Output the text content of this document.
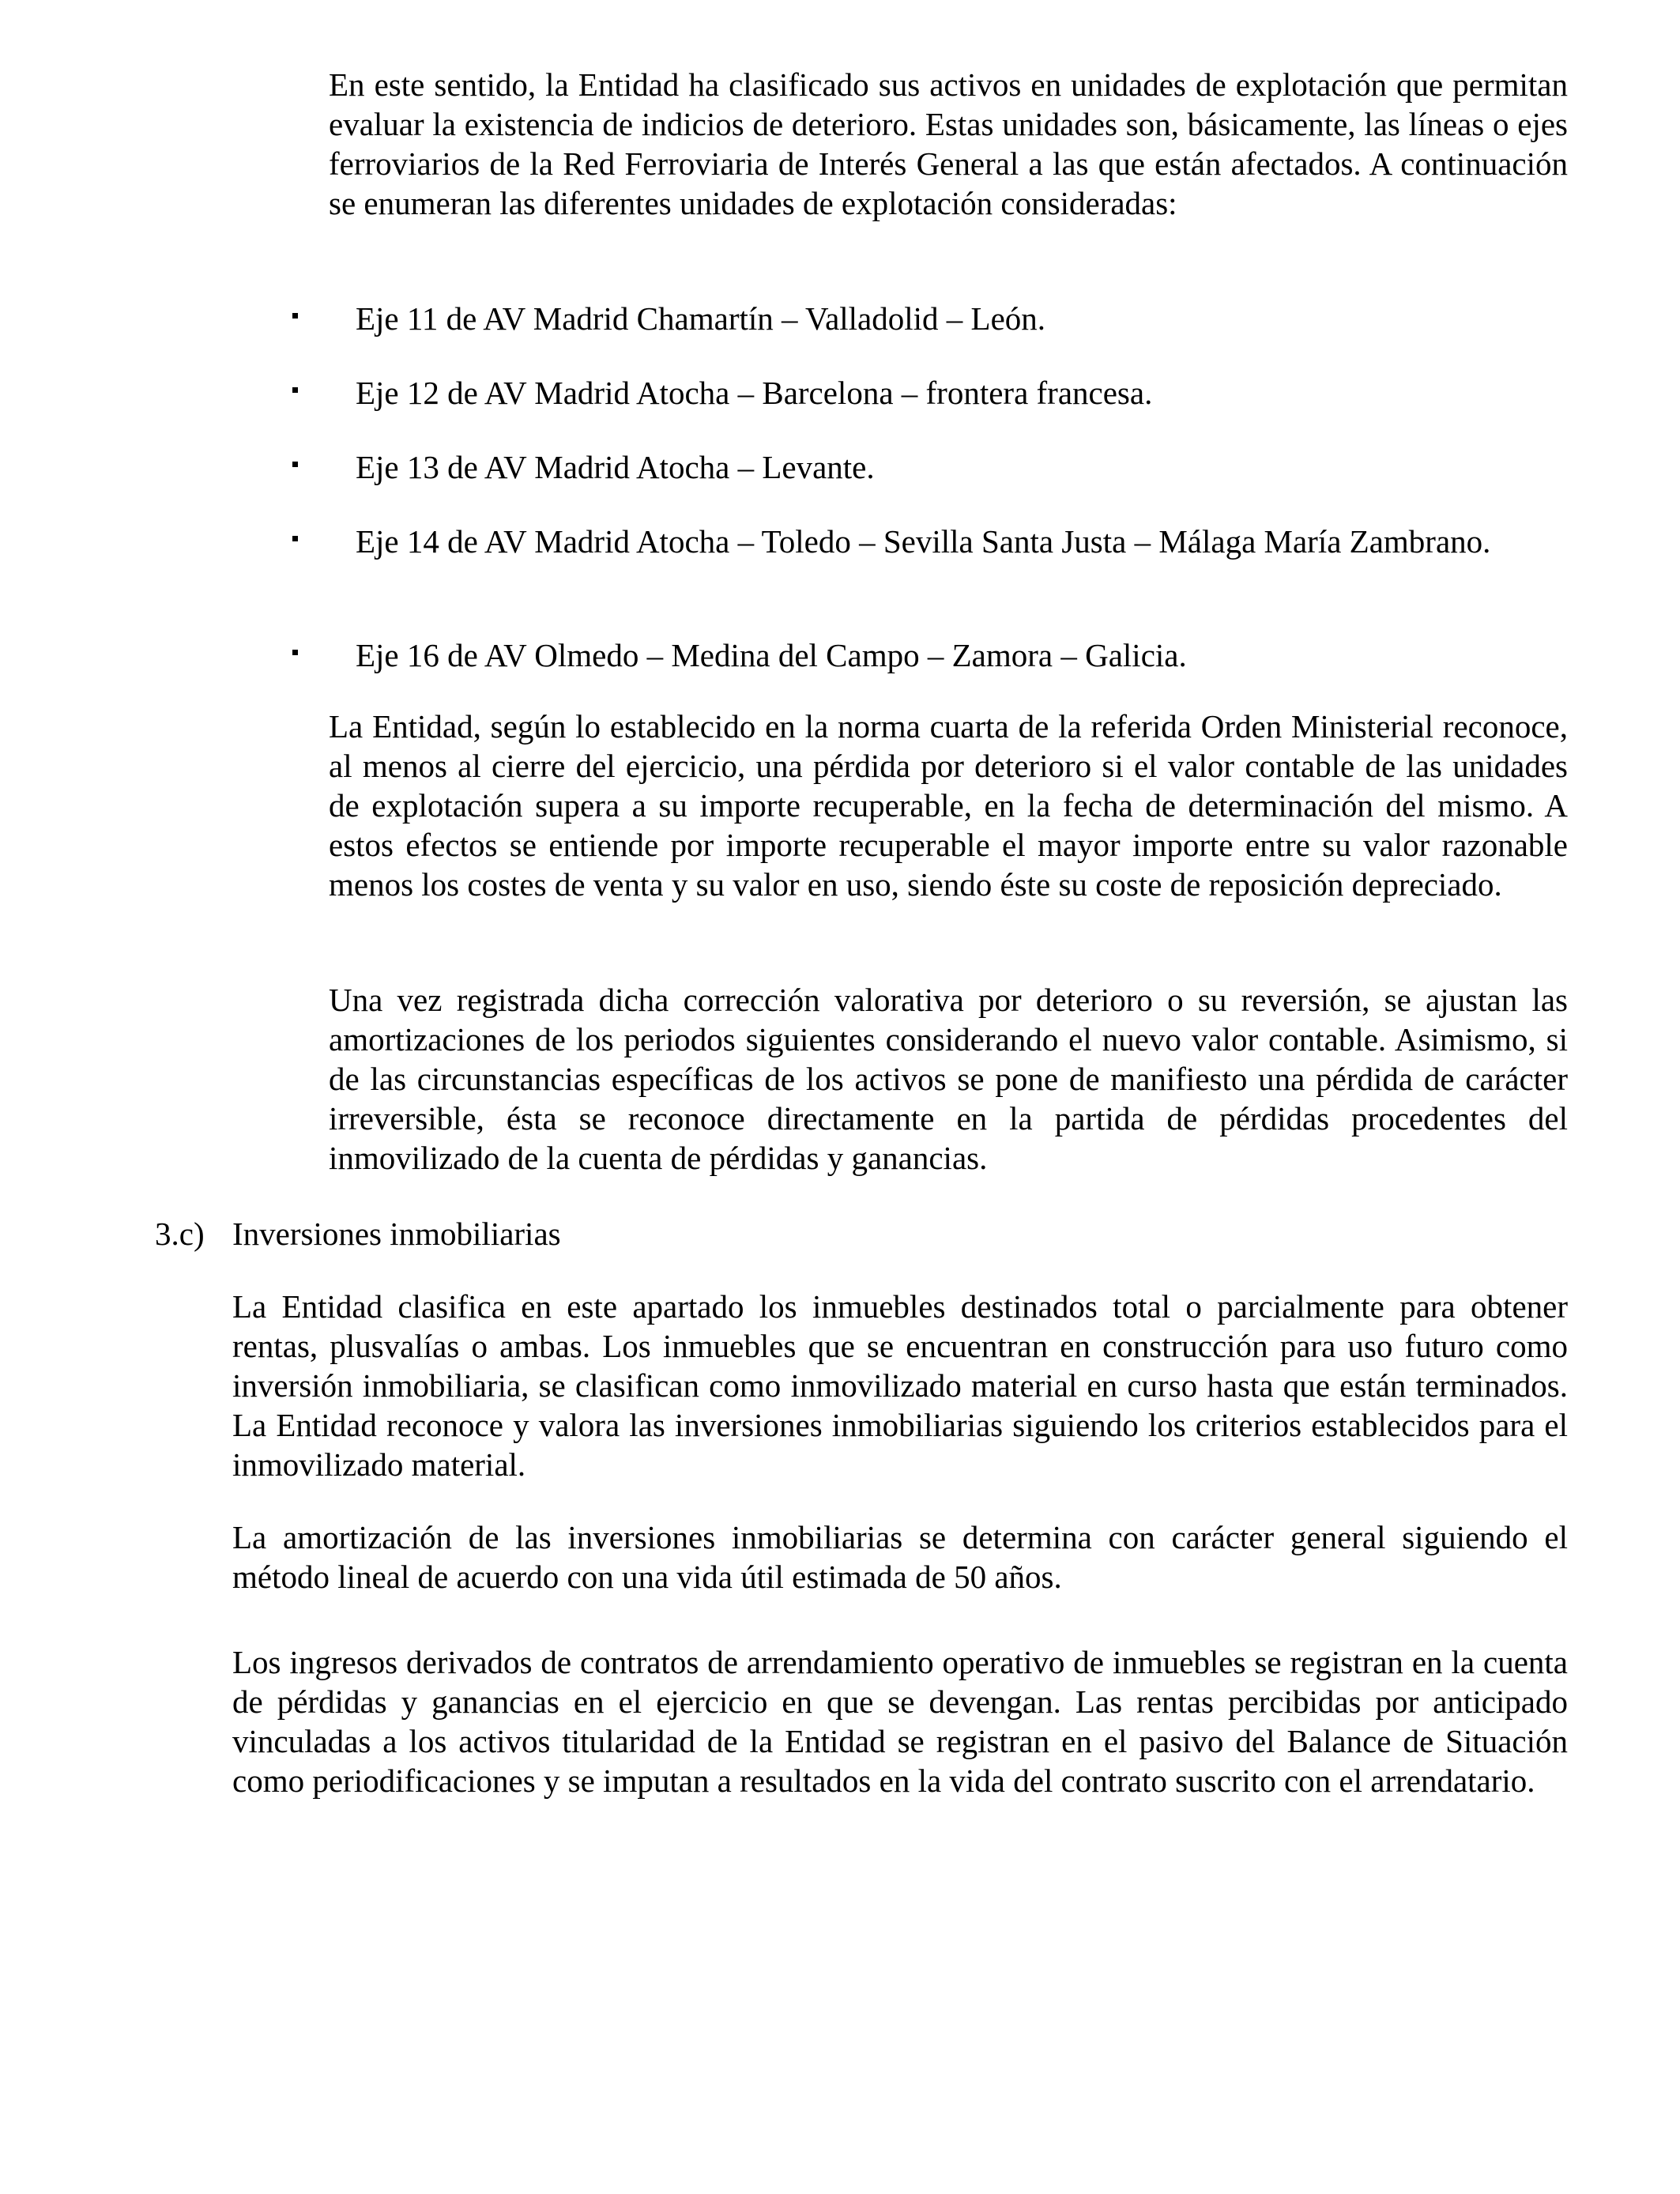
En este sentido, la Entidad ha clasificado sus activos en unidades de explotación que permitan evaluar la existencia de indicios de deterioro. Estas unidades son, básicamente, las líneas o ejes ferroviarios de la Red Ferroviaria de Interés General a las que están afectados. A continuación se enumeran las diferentes unidades de explotación consideradas:

Eje 11 de AV Madrid Chamartín – Valladolid – León.
Eje 12 de AV Madrid Atocha – Barcelona – frontera francesa.
Eje 13 de AV Madrid Atocha – Levante.
Eje 14 de AV Madrid Atocha – Toledo – Sevilla Santa Justa – Málaga María Zambrano.
Eje 16 de AV Olmedo – Medina del Campo – Zamora – Galicia.

La Entidad, según lo establecido en la norma cuarta de la referida Orden Ministerial reconoce, al menos al cierre del ejercicio, una pérdida por deterioro si el valor contable de las unidades de explotación supera a su importe recuperable, en la fecha de determinación del mismo. A estos efectos se entiende por importe recuperable el mayor importe entre su valor razonable menos los costes de venta y su valor en uso, siendo éste su coste de reposición depreciado.

Una vez registrada dicha corrección valorativa por deterioro o su reversión, se ajustan las amortizaciones de los periodos siguientes considerando el nuevo valor contable. Asimismo, si de las circunstancias específicas de los activos se pone de manifiesto una pérdida de carácter irreversible, ésta se reconoce directamente en la partida de pérdidas procedentes del inmovilizado de la cuenta de pérdidas y ganancias.

3.c) Inversiones inmobiliarias

La Entidad clasifica en este apartado los inmuebles destinados total o parcialmente para obtener rentas, plusvalías o ambas. Los inmuebles que se encuentran en construcción para uso futuro como inversión inmobiliaria, se clasifican como inmovilizado material en curso hasta que están terminados. La Entidad reconoce y valora las inversiones inmobiliarias siguiendo los criterios establecidos para el inmovilizado material.

La amortización de las inversiones inmobiliarias se determina con carácter general siguiendo el método lineal de acuerdo con una vida útil estimada de 50 años.

Los ingresos derivados de contratos de arrendamiento operativo de inmuebles se registran en la cuenta de pérdidas y ganancias en el ejercicio en que se devengan. Las rentas percibidas por anticipado vinculadas a los activos titularidad de la Entidad se registran en el pasivo del Balance de Situación como periodificaciones y se imputan a resultados en la vida del contrato suscrito con el arrendatario.
